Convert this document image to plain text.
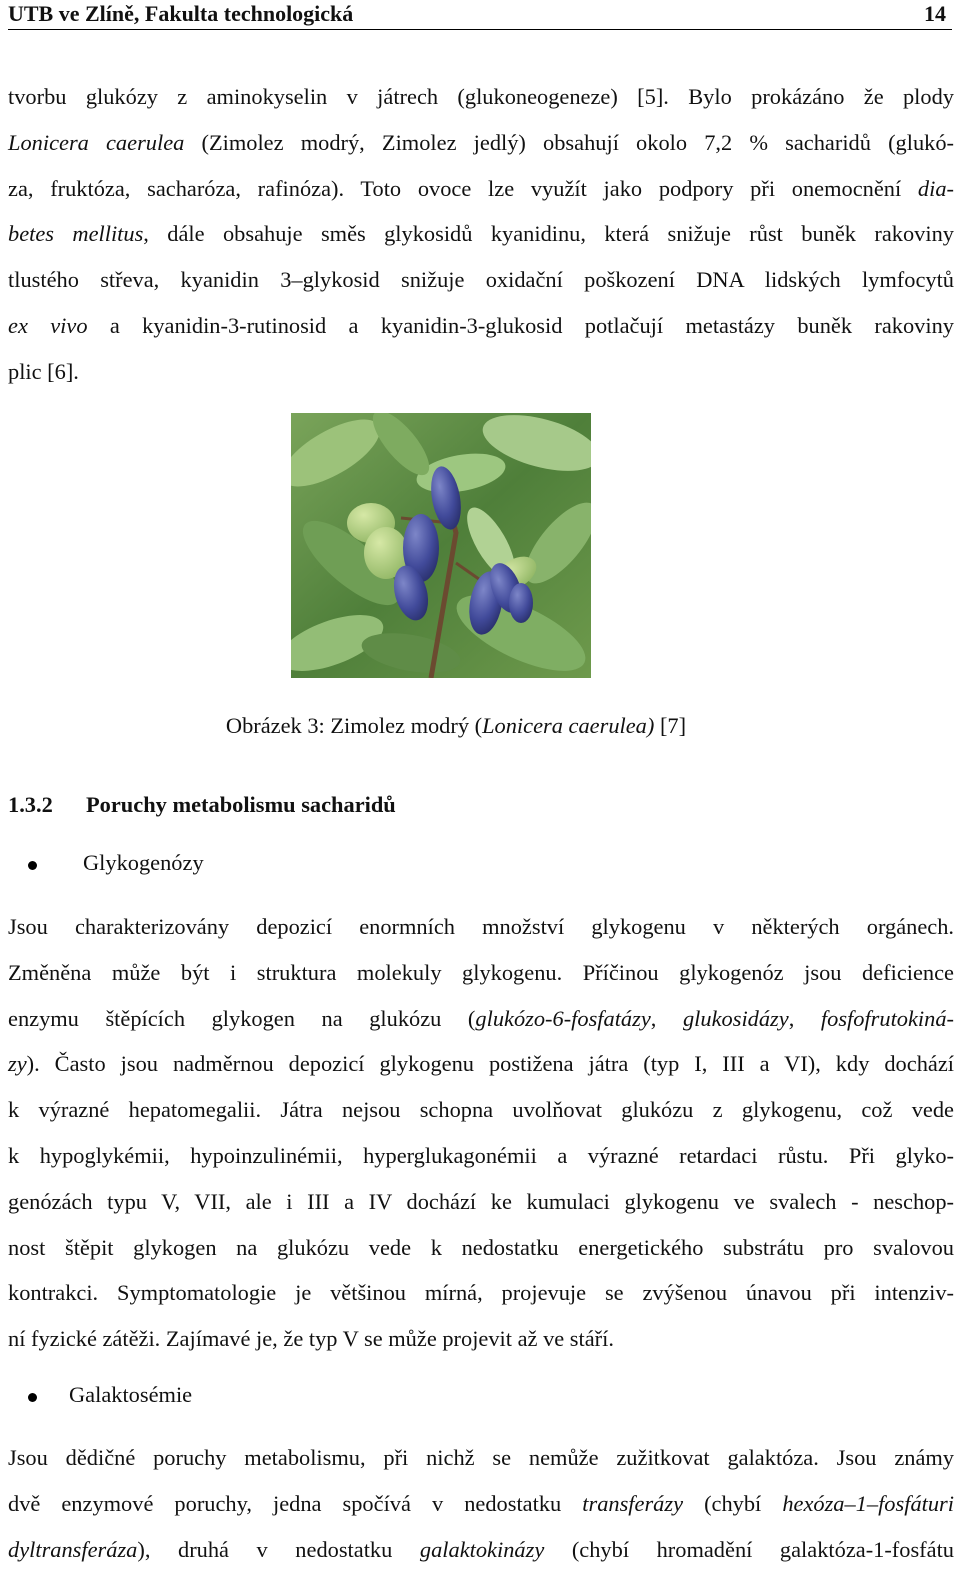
UTB ve Zlíně, Fakulta technologická	14
tvorbu glukózy z aminokyselin v játrech (glukoneogeneze) [5]. Bylo prokázáno že plody
Lonicera caerulea (Zimolez modrý, Zimolez jedlý) obsahují okolo 7,2 % sacharidů (glukó-
za, fruktóza, sacharóza, rafinóza). Toto ovoce lze využít jako podpory při onemocnění dia-
betes mellitus, dále obsahuje směs glykosidů kyanidinu, která snižuje růst buněk rakoviny
tlustého střeva, kyanidin 3–glykosid snižuje oxidační poškození DNA lidských lymfocytů
ex vivo a kyanidin-3-rutinosid a kyanidin-3-glukosid potlačují metastázy buněk rakoviny
plic [6].
Obrázek 3: Zimolez modrý (Lonicera caerulea) [7]
1.3.2 Poruchy metabolismu sacharidů
Glykogenózy
Jsou charakterizovány depozicí enormních množství glykogenu v některých orgánech.
Změněna může být i struktura molekuly glykogenu. Příčinou glykogenóz jsou deficience
enzymu štěpících glykogen na glukózu (glukózo-6-fosfatázy, glukosidázy, fosfofrutokiná-
zy). Často jsou nadměrnou depozicí glykogenu postižena játra (typ I, III a VI), kdy dochází
k výrazné hepatomegalii. Játra nejsou schopna uvolňovat glukózu z glykogenu, což vede
k hypoglykémii, hypoinzulinémii, hyperglukagonémii a výrazné retardaci růstu. Při glyko-
genózách typu V, VII, ale i III a IV dochází ke kumulaci glykogenu ve svalech - neschop-
nost štěpit glykogen na glukózu vede k nedostatku energetického substrátu pro svalovou
kontrakci. Symptomatologie je většinou mírná, projevuje se zvýšenou únavou při intenziv-
ní fyzické zátěži. Zajímavé je, že typ V se může projevit až ve stáří.
Galaktosémie
Jsou dědičné poruchy metabolismu, při nichž se nemůže zužitkovat galaktóza. Jsou známy
dvě enzymové poruchy, jedna spočívá v nedostatku transferázy (chybí hexóza–1–fosfáturi
dyltransferáza), druhá v nedostatku galaktokinázy (chybí hromadění galaktóza-1-fosfátu
